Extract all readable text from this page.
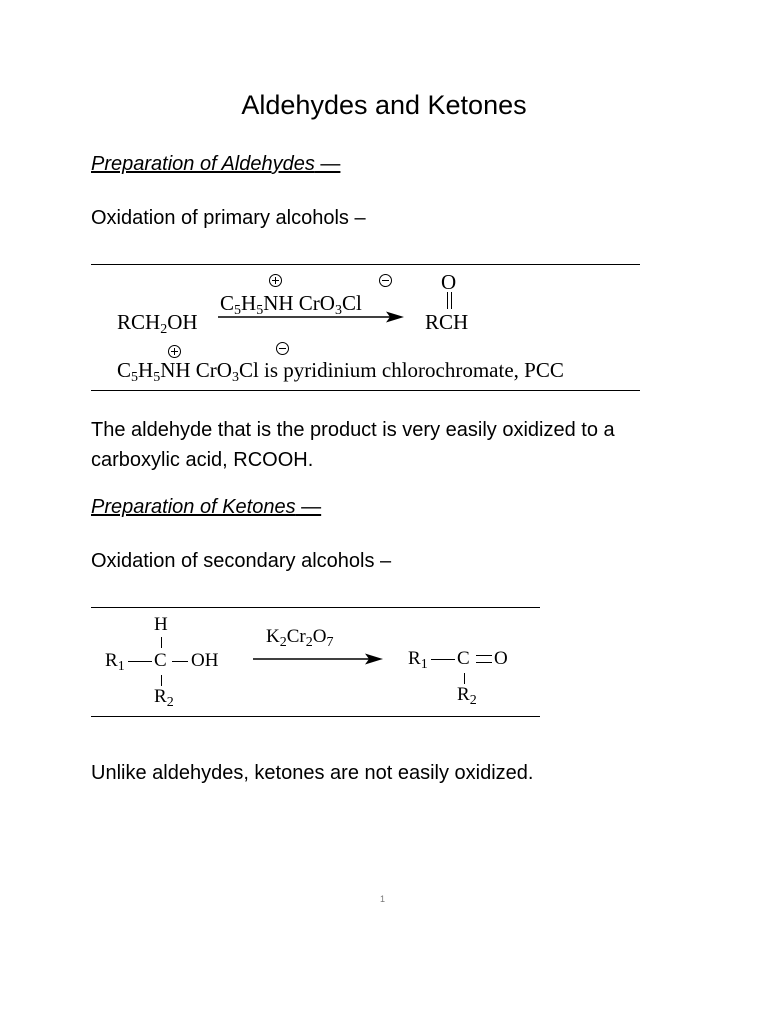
Aldehydes and Ketones
Preparation of Aldehydes —
Oxidation of primary alcohols –
O
$C_5H_5NH$ CrO$_3$Cl
$RCH_2OH$	RCH
$C_5H_5NH$ CrO$_3$Cl is pyridinium chlorochromate, PCC
The aldehyde that is the product is very easily oxidized to a carboxylic acid, RCOOH.
Preparation of Ketones —
Oxidation of secondary alcohols –
H
$K_2Cr_2O_7$
$R_1$ C OH	$R_1$ C O
$R_2$	$R_2$
Unlike aldehydes, ketones are not easily oxidized.
1
